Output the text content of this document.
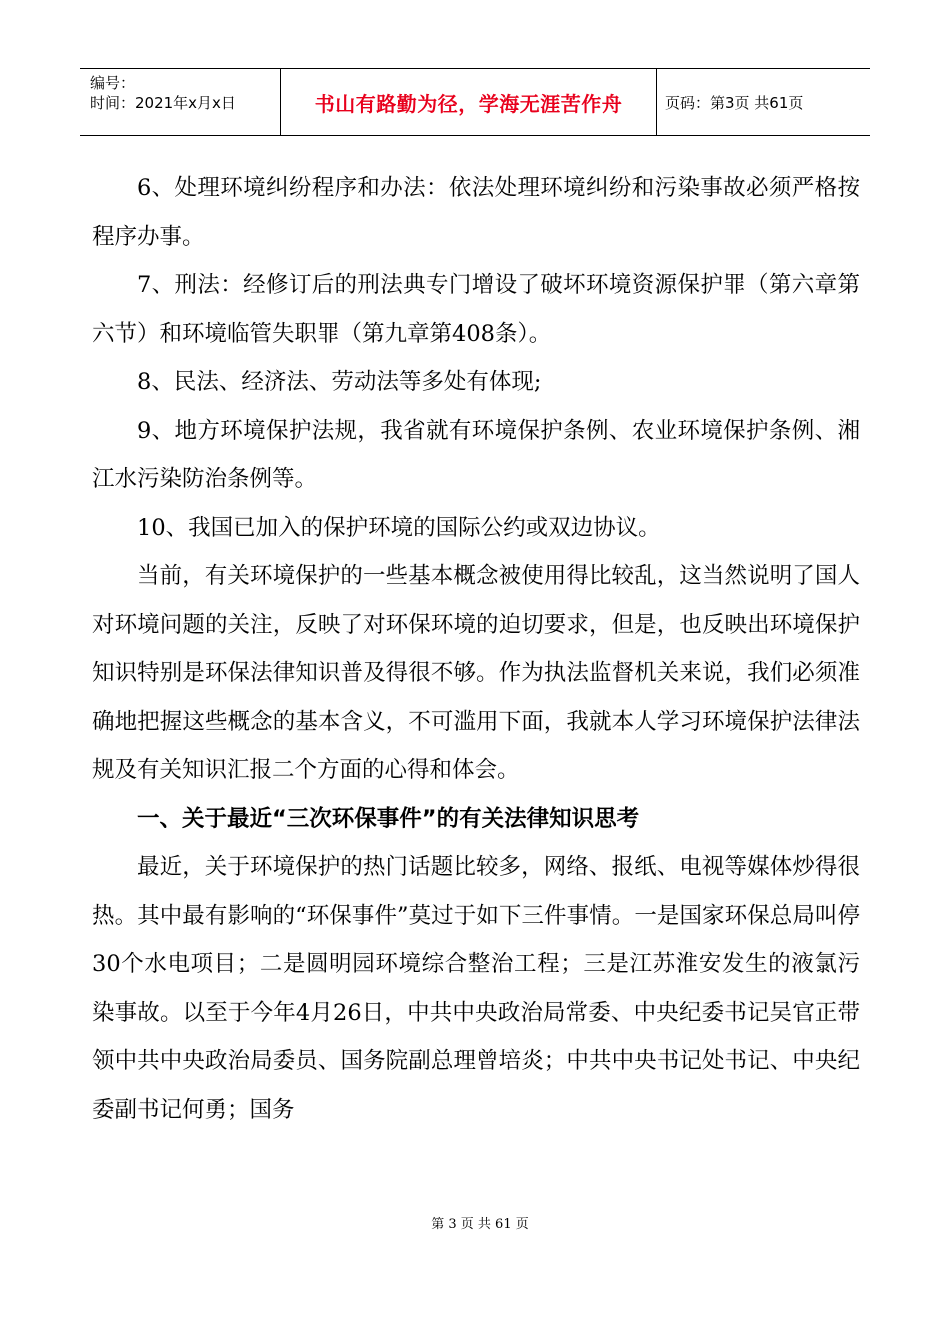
编号：
时间：2021年x月x日	书山有路勤为径，学海无涯苦作舟	页码：第3页 共61页

6、处理环境纠纷程序和办法：依法处理环境纠纷和污染事故必须严格按程序办事。

7、刑法：经修订后的刑法典专门增设了破坏环境资源保护罪（第六章第六节）和环境临管失职罪（第九章第408条）。

8、民法、经济法、劳动法等多处有体现;

9、地方环境保护法规，我省就有环境保护条例、农业环境保护条例、湘江水污染防治条例等。

10、我国已加入的保护环境的国际公约或双边协议。

当前，有关环境保护的一些基本概念被使用得比较乱，这当然说明了国人对环境问题的关注，反映了对环保环境的迫切要求，但是，也反映出环境保护知识特别是环保法律知识普及得很不够。作为执法监督机关来说，我们必须准确地把握这些概念的基本含义，不可滥用下面，我就本人学习环境保护法律法规及有关知识汇报二个方面的心得和体会。

一、关于最近“三次环保事件”的有关法律知识思考

最近，关于环境保护的热门话题比较多，网络、报纸、电视等媒体炒得很热。其中最有影响的“环保事件”莫过于如下三件事情。一是国家环保总局叫停30个水电项目；二是圆明园环境综合整治工程；三是江苏淮安发生的液氯污染事故。以至于今年4月26日，中共中央政治局常委、中央纪委书记吴官正带领中共中央政治局委员、国务院副总理曾培炎；中共中央书记处书记、中央纪委副书记何勇；国务

第 3 页 共 61 页
